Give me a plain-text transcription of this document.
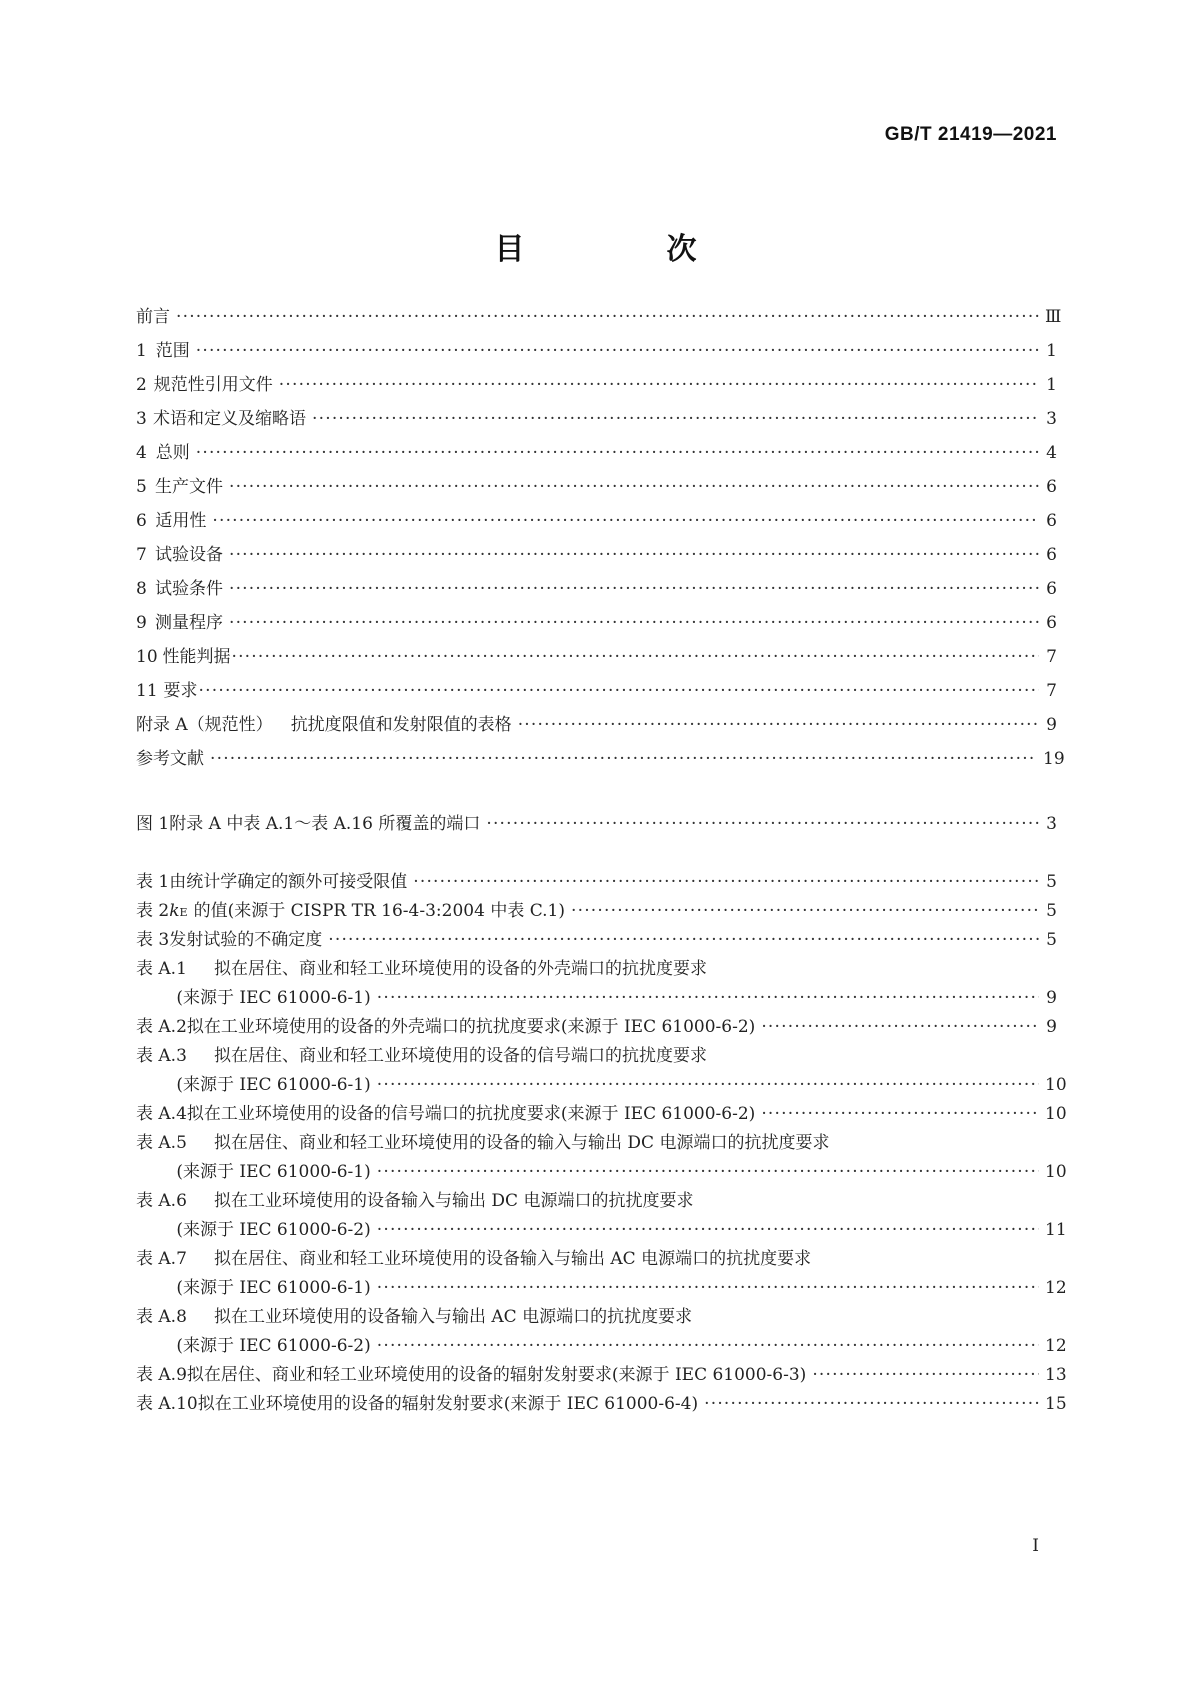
GB/T 21419—2021
目　次
前言 ·····	Ⅲ
1 范围 ·····	1
2 规范性引用文件 ·····	1
3 术语和定义及缩略语 ·····	3
4 总则 ·····	4
5 生产文件 ·····	6
6 适用性 ·····	6
7 试验设备 ·····	6
8 试验条件 ·····	6
9 测量程序 ·····	6
10 性能判据 ·····	7
11 要求 ·····	7
附录 A（规范性）	抗扰度限值和发射限值的表格 ·····	9
参考文献 ·····	19
图 1 附录 A 中表 A.1～表 A.16 所覆盖的端口 ·····	3
表 1 由统计学确定的额外可接受限值 ·····	5
表 2 k E 的值(来源于 CISPR TR 16-4-3:2004 中表 C.1) ·····	5
表 3 发射试验的不确定度 ·····	5
表 A.1 拟在居住、商业和轻工业环境使用的设备的外壳端口的抗扰度要求
(来源于 IEC 61000-6-1) ·····	9
表 A.2 拟在工业环境使用的设备的外壳端口的抗扰度要求(来源于 IEC 61000-6-2) ·····	9
表 A.3 拟在居住、商业和轻工业环境使用的设备的信号端口的抗扰度要求
(来源于 IEC 61000-6-1) ·····	10
表 A.4 拟在工业环境使用的设备的信号端口的抗扰度要求(来源于 IEC 61000-6-2) ·····	10
表 A.5 拟在居住、商业和轻工业环境使用的设备的输入与输出 DC 电源端口的抗扰度要求
(来源于 IEC 61000-6-1) ·····	10
表 A.6 拟在工业环境使用的设备输入与输出 DC 电源端口的抗扰度要求
(来源于 IEC 61000-6-2) ·····	11
表 A.7 拟在居住、商业和轻工业环境使用的设备输入与输出 AC 电源端口的抗扰度要求
(来源于 IEC 61000-6-1) ·····	12
表 A.8 拟在工业环境使用的设备输入与输出 AC 电源端口的抗扰度要求
(来源于 IEC 61000-6-2) ·····	12
表 A.9 拟在居住、商业和轻工业环境使用的设备的辐射发射要求(来源于 IEC 61000-6-3) ·····	13
表 A.10 拟在工业环境使用的设备的辐射发射要求(来源于 IEC 61000-6-4) ·····	15
I
